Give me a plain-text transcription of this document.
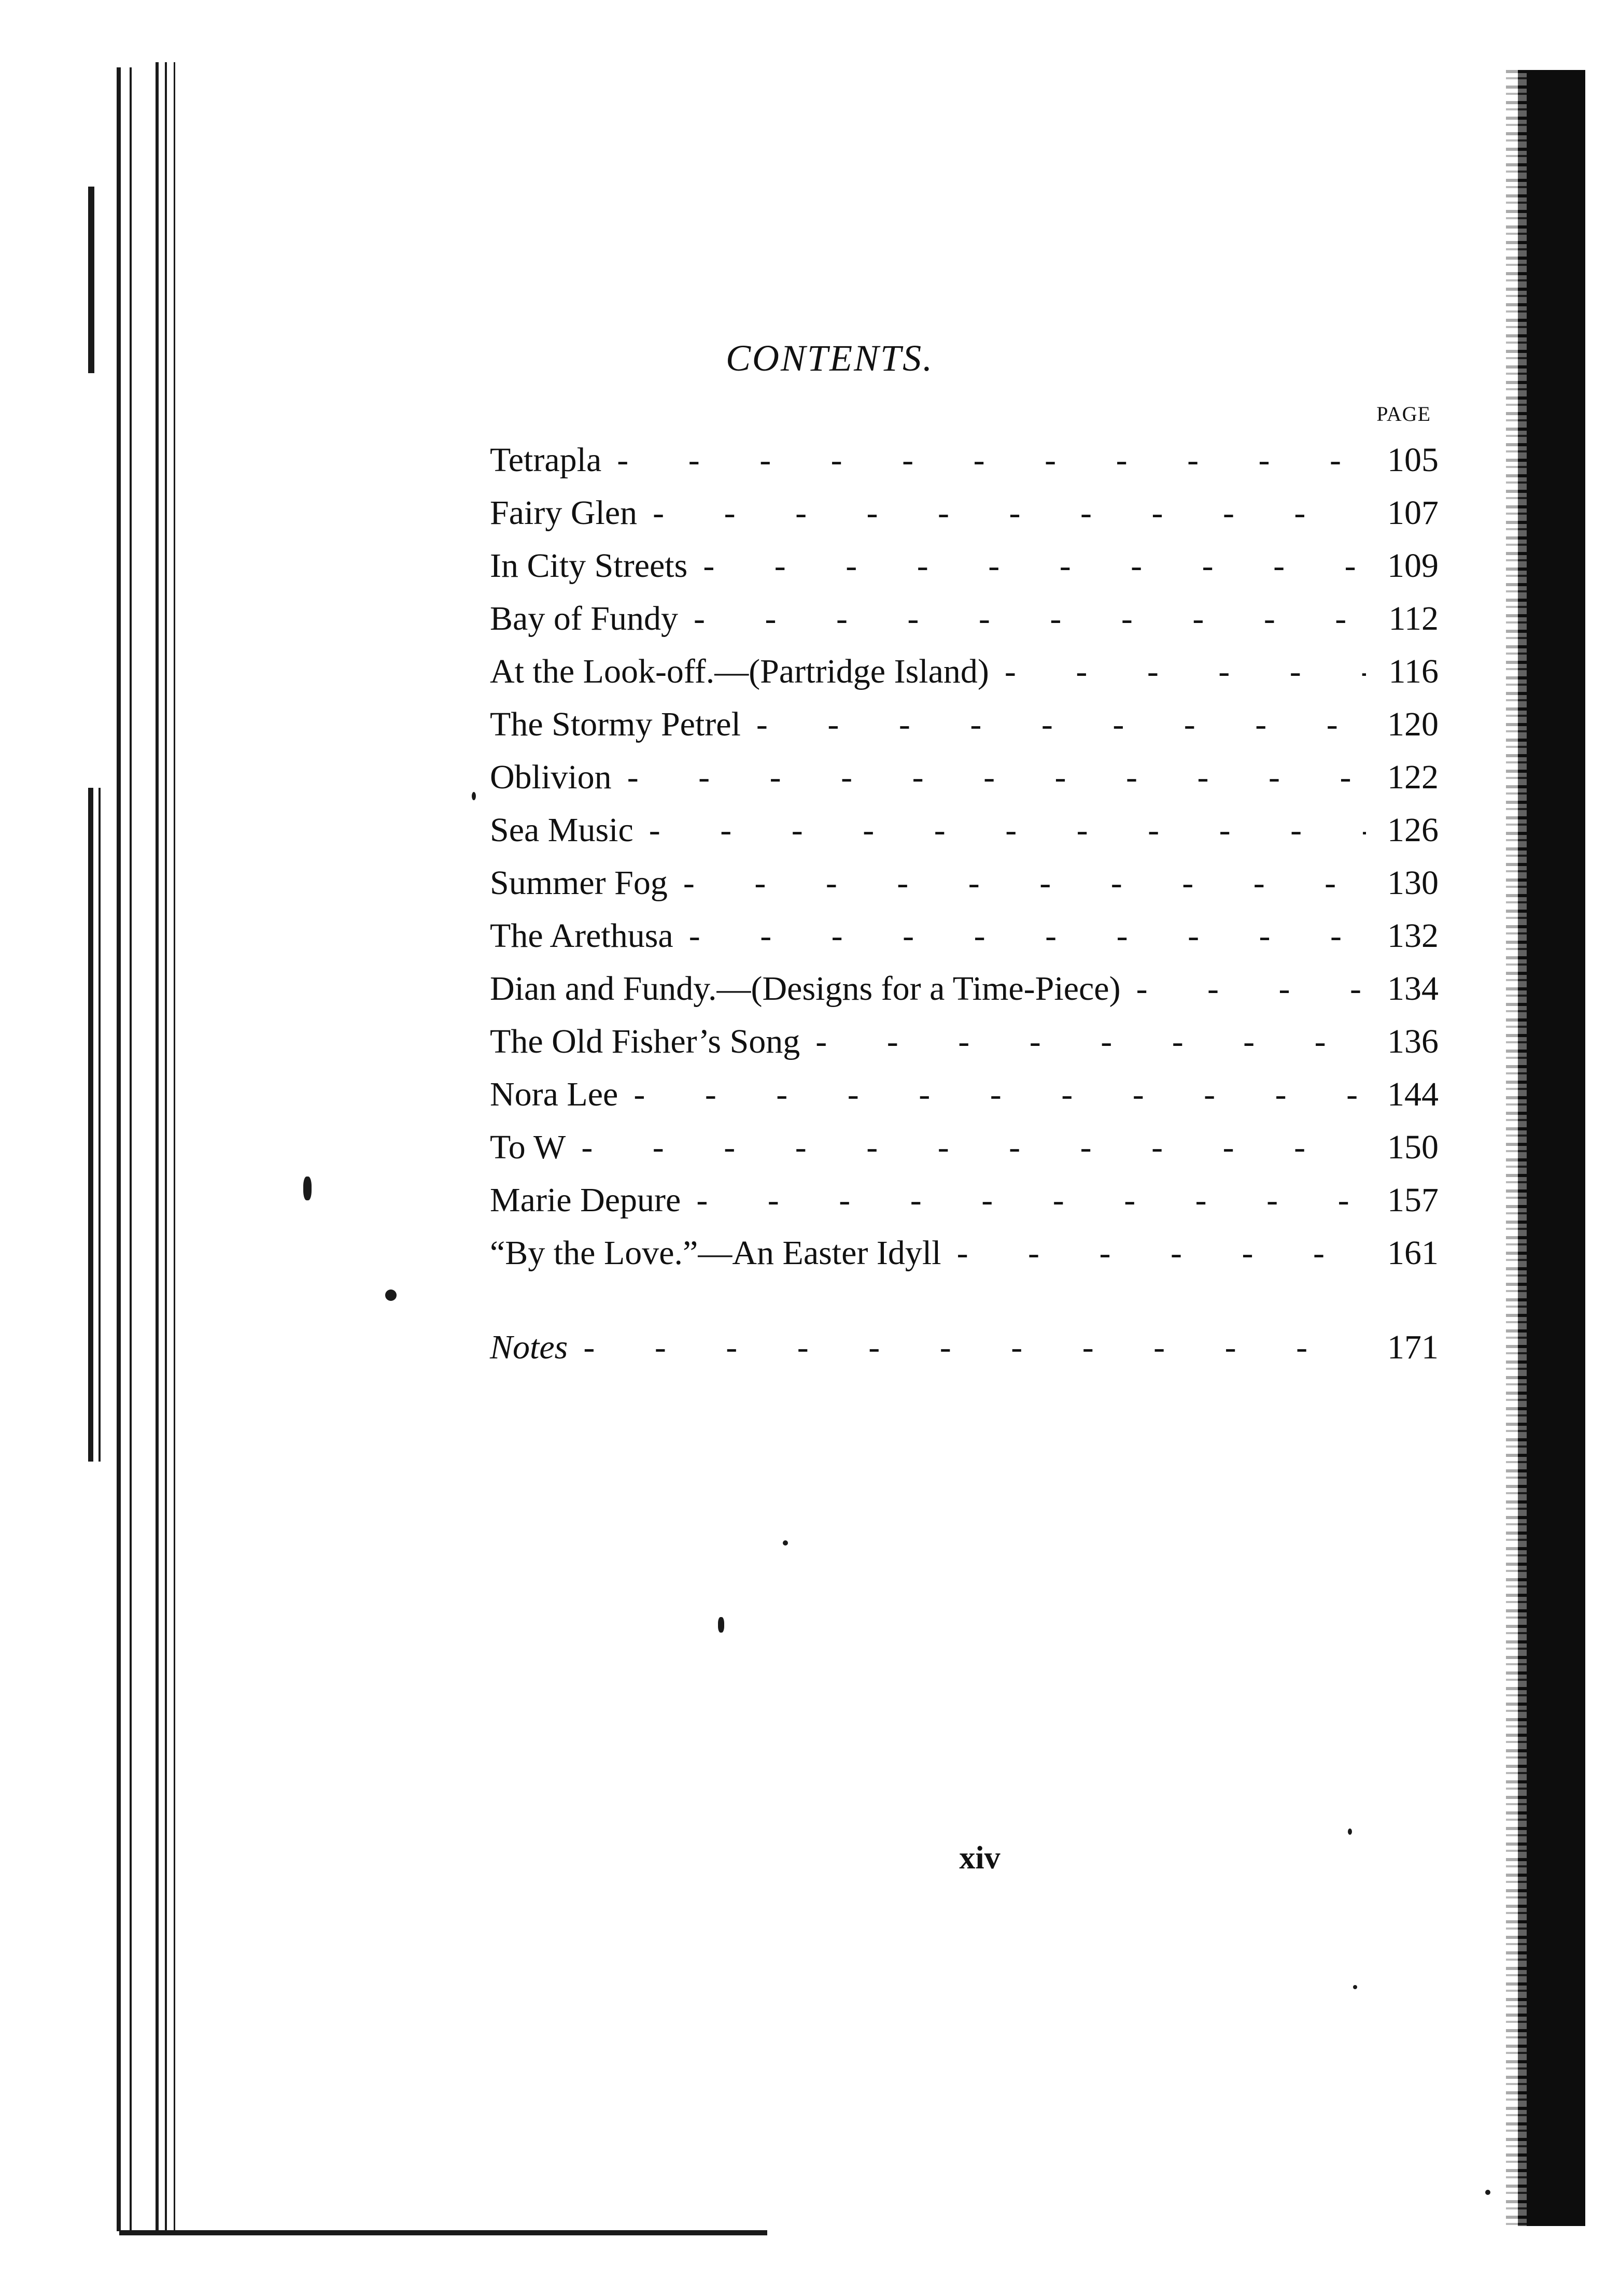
CONTENTS.
PAGE
Tetrapla -	105
Fairy Glen -	107
In City Streets -	109
Bay of Fundy -	112
At the Look-off.—(Partridge Island) -	116
The Stormy Petrel -	120
Oblivion -	122
Sea Music -	126
Summer Fog -	130
The Arethusa -	132
Dian and Fundy.—(Designs for a Time-Piece) -	134
The Old Fisher’s Song -	136
Nora Lee -	144
To W -	150
Marie Depure -	157
“By the Love.”—An Easter Idyll -	161
Notes -	171
xiv
